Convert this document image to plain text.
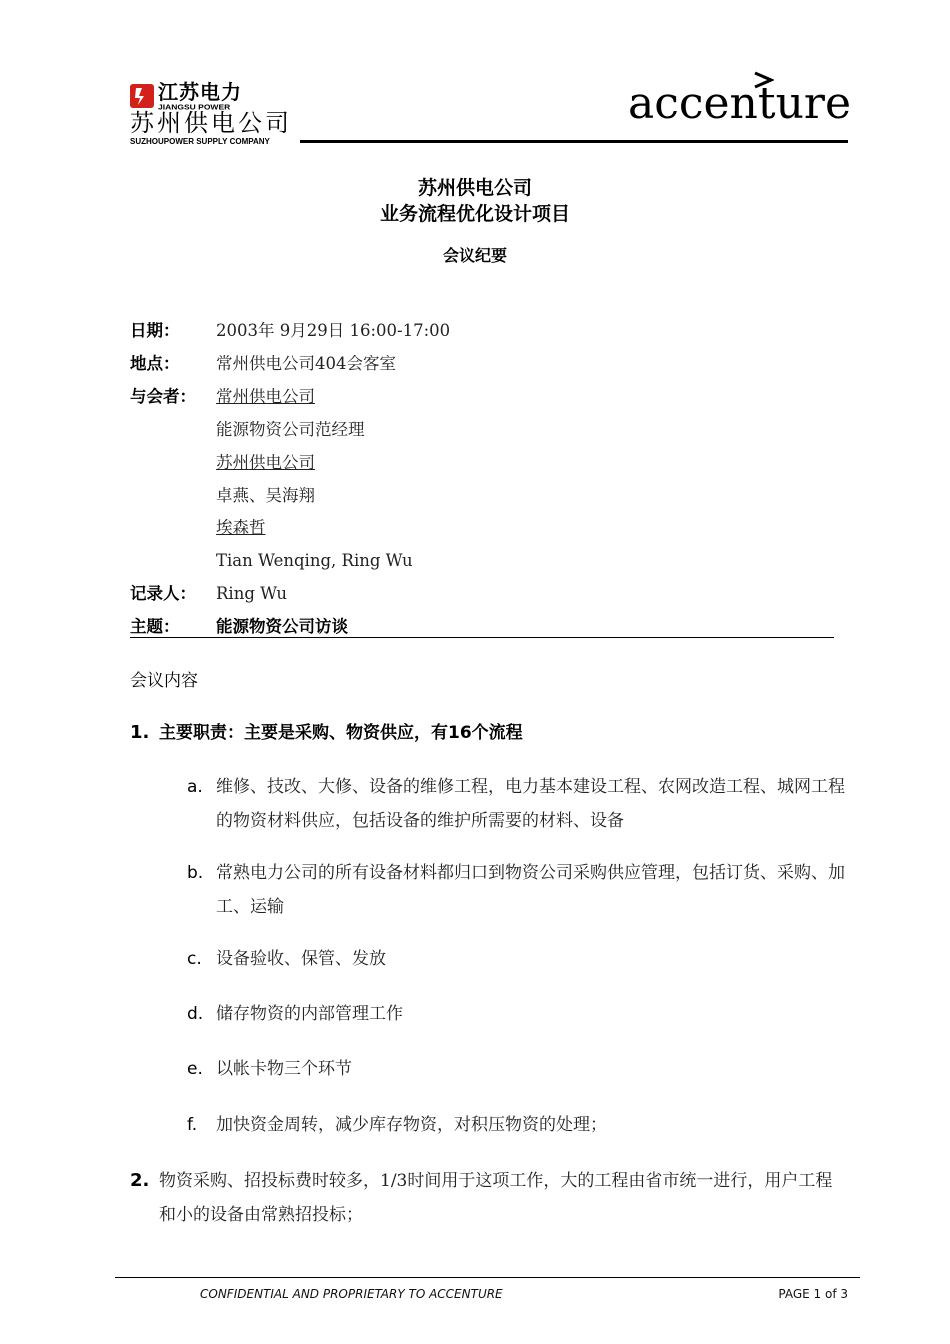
江苏电力
JIANGSU POWER
苏州供电公司
SUZHOUPOWER SUPPLY COMPANY
accenture
苏州供电公司
业务流程优化设计项目
会议纪要
日期： 2003年 9月29日 16:00-17:00
地点： 常州供电公司404会客室
与会者： 常州供电公司
能源物资公司范经理
苏州供电公司
卓燕、吴海翔
埃森哲
Tian Wenqing, Ring Wu
记录人： Ring Wu
主题： 能源物资公司访谈
会议内容
1. 主要职责：主要是采购、物资供应，有16个流程
a. 维修、技改、大修、设备的维修工程，电力基本建设工程、农网改造工程、城网工程的物资材料供应，包括设备的维护所需要的材料、设备
b. 常熟电力公司的所有设备材料都归口到物资公司采购供应管理，包括订货、采购、加工、运输
c. 设备验收、保管、发放
d. 储存物资的内部管理工作
e. 以帐卡物三个环节
f. 加快资金周转，减少库存物资，对积压物资的处理；
2. 物资采购、招投标费时较多，1/3时间用于这项工作，大的工程由省市统一进行，用户工程和小的设备由常熟招投标；
CONFIDENTIAL AND PROPRIETARY TO ACCENTURE	PAGE 1 of 3
